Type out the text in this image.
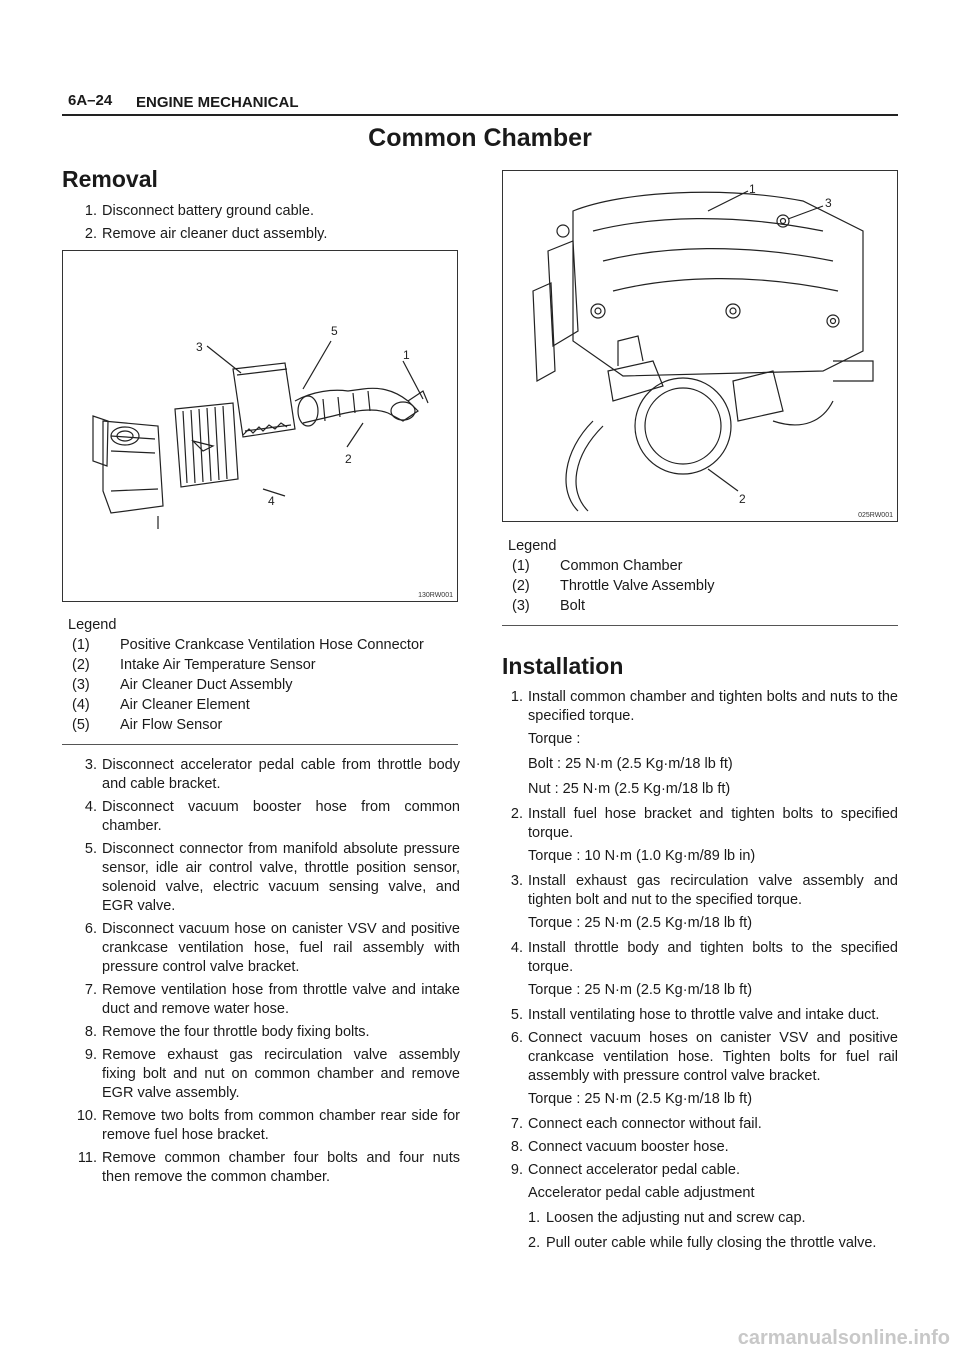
6A–24 ENGINE MECHANICAL
Common Chamber
Removal
1. Disconnect battery ground cable.
2. Remove air cleaner duct assembly.
3
5
1
2
4
130RW001
Legend
(1) Positive Crankcase Ventilation Hose Connector
(2) Intake Air Temperature Sensor
(3) Air Cleaner Duct Assembly
(4) Air Cleaner Element
(5) Air Flow Sensor
3. Disconnect accelerator pedal cable from throttle body and cable bracket.
4. Disconnect vacuum booster hose from common chamber.
5. Disconnect connector from manifold absolute pressure sensor, idle air control valve, throttle position sensor, solenoid valve, electric vacuum sensing valve, and EGR valve.
6. Disconnect vacuum hose on canister VSV and positive crankcase ventilation hose, fuel rail assembly with pressure control valve bracket.
7. Remove ventilation hose from throttle valve and intake duct and remove water hose.
8. Remove the four throttle body fixing bolts.
9. Remove exhaust gas recirculation valve assembly fixing bolt and nut on common chamber and remove EGR valve assembly.
10. Remove two bolts from common chamber rear side for remove fuel hose bracket.
11. Remove common chamber four bolts and four nuts then remove the common chamber.
1
3
2
025RW001
Legend
(1) Common Chamber
(2) Throttle Valve Assembly
(3) Bolt
Installation
1. Install common chamber and tighten bolts and nuts to the specified torque.
Torque :
Bolt : 25 N·m (2.5 Kg·m/18 lb ft)
Nut : 25 N·m (2.5 Kg·m/18 lb ft)
2. Install fuel hose bracket and tighten bolts to specified torque.
Torque : 10 N·m (1.0 Kg·m/89 lb in)
3. Install exhaust gas recirculation valve assembly and tighten bolt and nut to the specified torque.
Torque : 25 N·m (2.5 Kg·m/18 lb ft)
4. Install throttle body and tighten bolts to the specified torque.
Torque : 25 N·m (2.5 Kg·m/18 lb ft)
5. Install ventilating hose to throttle valve and intake duct.
6. Connect vacuum hoses on canister VSV and positive crankcase ventilation hose. Tighten bolts for fuel rail assembly with pressure control valve bracket.
Torque : 25 N·m (2.5 Kg·m/18 lb ft)
7. Connect each connector without fail.
8. Connect vacuum booster hose.
9. Connect accelerator pedal cable.
Accelerator pedal cable adjustment
1. Loosen the adjusting nut and screw cap.
2. Pull outer cable while fully closing the throttle valve.
carmanualsonline.info
